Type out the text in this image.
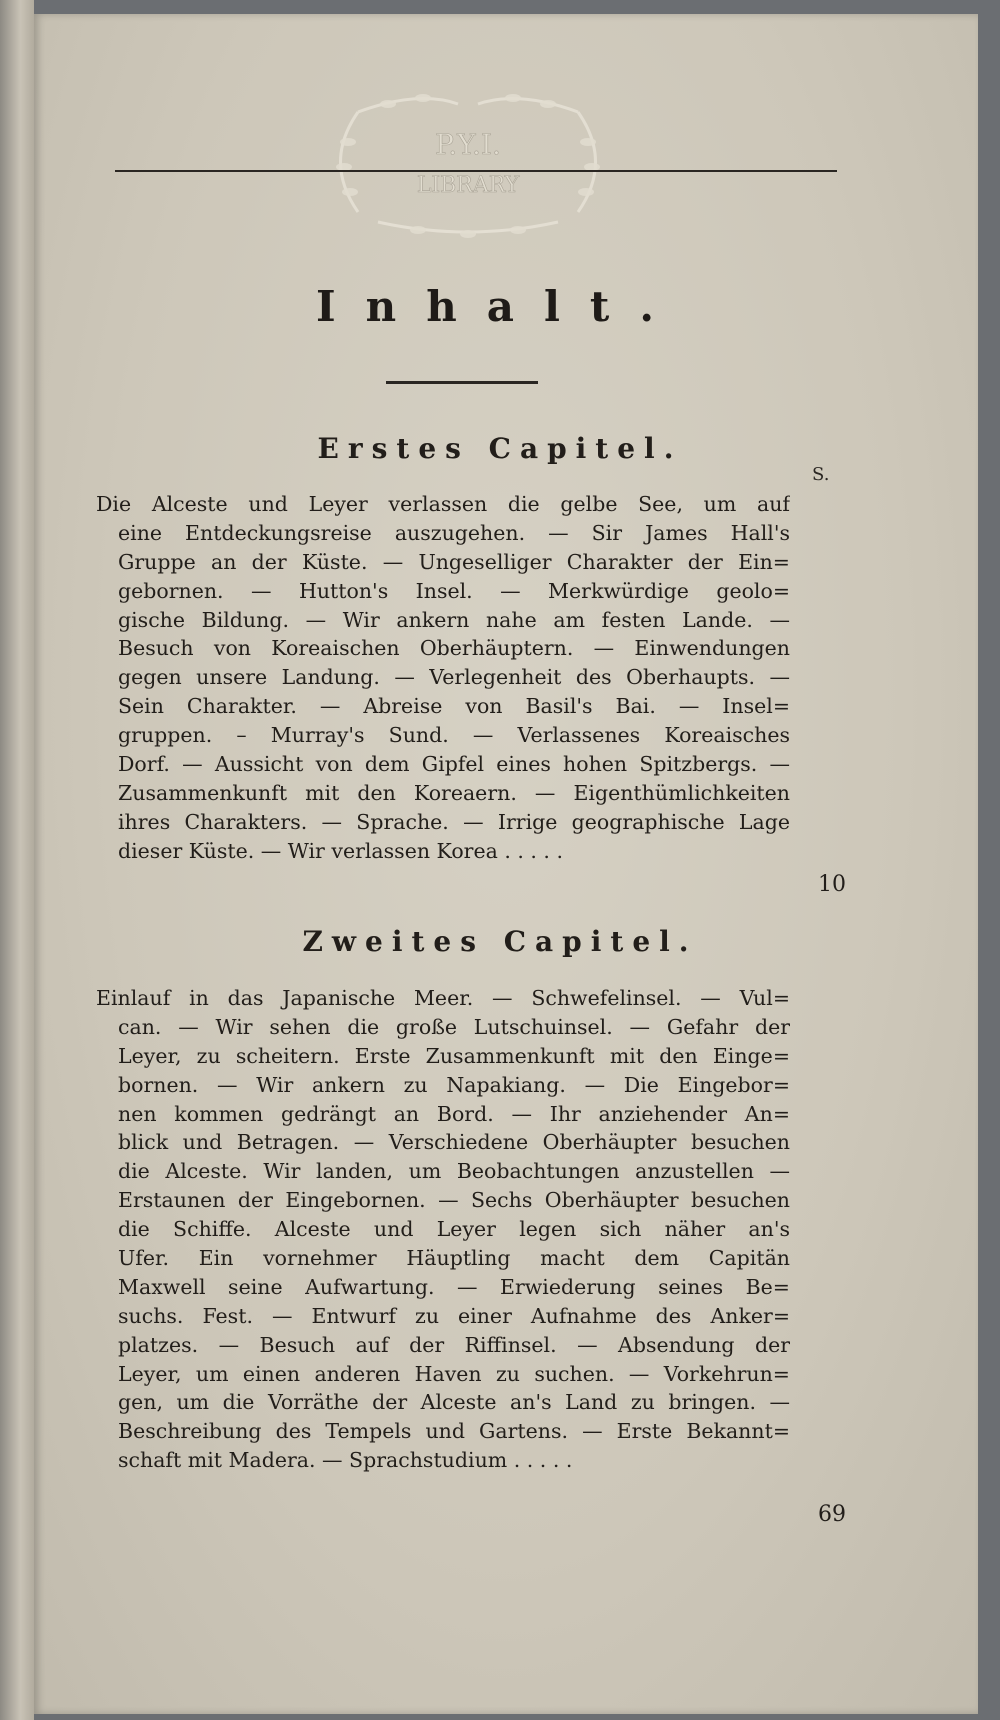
P.Y.I.
LIBRARY
Inhalt.
Erstes Capitel.
S.
Die Alceste und Leyer verlassen die gelbe See, um auf
eine Entdeckungsreise auszugehen. — Sir James Hall's
Gruppe an der Küste. — Ungeselliger Charakter der Ein=
gebornen. — Hutton's Insel. — Merkwürdige geolo=
gische Bildung. — Wir ankern nahe am festen Lande. —
Besuch von Koreaischen Oberhäuptern. — Einwendungen
gegen unsere Landung. — Verlegenheit des Oberhaupts. —
Sein Charakter. — Abreise von Basil's Bai. — Insel=
gruppen. – Murray's Sund. — Verlassenes Koreaisches
Dorf. — Aussicht von dem Gipfel eines hohen Spitzbergs. —
Zusammenkunft mit den Koreaern. — Eigenthümlichkeiten
ihres Charakters. — Sprache. — Irrige geographische Lage
dieser Küste. — Wir verlassen Korea . . . . .
10
Zweites Capitel.
Einlauf in das Japanische Meer. — Schwefelinsel. — Vul=
can. — Wir sehen die große Lutschuinsel. — Gefahr der
Leyer, zu scheitern. Erste Zusammenkunft mit den Einge=
bornen. — Wir ankern zu Napakiang. — Die Eingebor=
nen kommen gedrängt an Bord. — Ihr anziehender An=
blick und Betragen. — Verschiedene Oberhäupter besuchen
die Alceste. Wir landen, um Beobachtungen anzustellen —
Erstaunen der Eingebornen. — Sechs Oberhäupter besuchen
die Schiffe. Alceste und Leyer legen sich näher an's
Ufer. Ein vornehmer Häuptling macht dem Capitän
Maxwell seine Aufwartung. — Erwiederung seines Be=
suchs. Fest. — Entwurf zu einer Aufnahme des Anker=
platzes. — Besuch auf der Riffinsel. — Absendung der
Leyer, um einen anderen Haven zu suchen. — Vorkehrun=
gen, um die Vorräthe der Alceste an's Land zu bringen. —
Beschreibung des Tempels und Gartens. — Erste Bekannt=
schaft mit Madera. — Sprachstudium . . . . .
69
